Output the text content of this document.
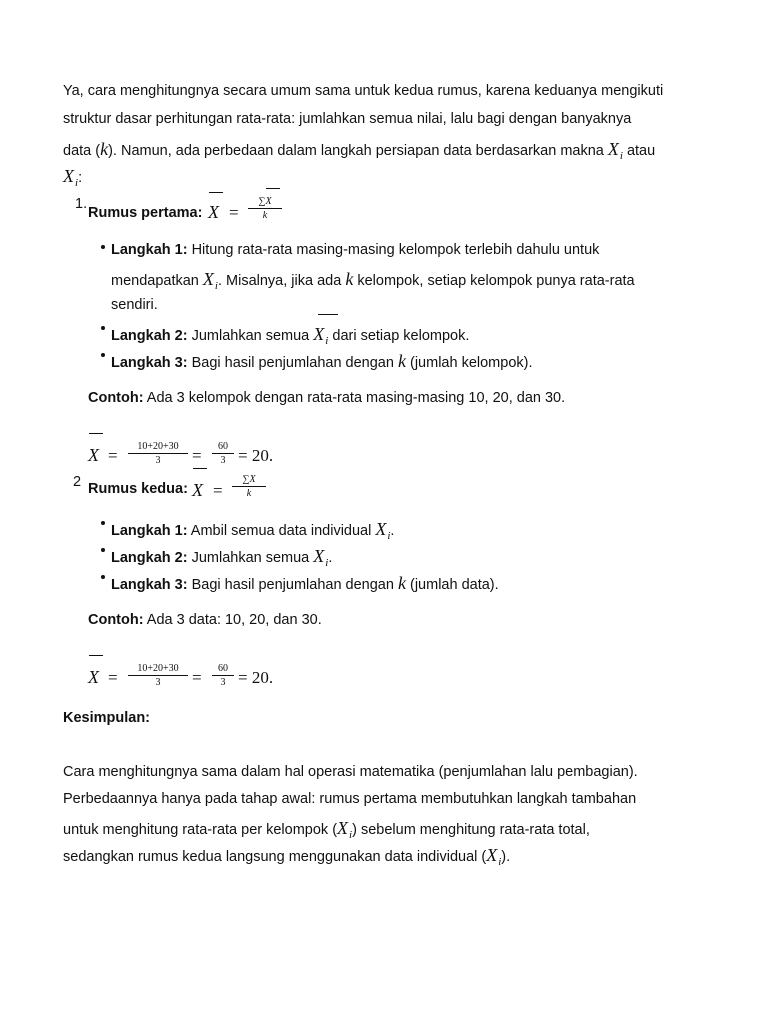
Ya, cara menghitungnya secara umum sama untuk kedua rumus, karena keduanya mengikuti
struktur dasar perhitungan rata-rata: jumlahkan semua nilai, lalu bagi dengan banyaknya
data (k). Namun, ada perbedaan dalam langkah persiapan data berdasarkan makna $X_i$ atau
$X_i$:
1.
Rumus pertama: X =
∑X
k
Langkah 1: Hitung rata-rata masing-masing kelompok terlebih dahulu untuk
mendapatkan $X_i$. Misalnya, jika ada k kelompok, setiap kelompok punya rata-rata
sendiri.
Langkah 2: Jumlahkan semua $X_i$ dari setiap kelompok.
Langkah 3: Bagi hasil penjumlahan dengan k (jumlah kelompok).
Contoh: Ada 3 kelompok dengan rata-rata masing-masing 10, 20, dan 30.
X =	10+20+30
3	=	60
3 = 20.
2 Rumus kedua: X =
∑X
k
Langkah 1: Ambil semua data individual $X_i$.
Langkah 2: Jumlahkan semua $X_i$.
Langkah 3: Bagi hasil penjumlahan dengan k (jumlah data).
Contoh: Ada 3 data: 10, 20, dan 30.
X =	10+20+30
3	=	60
3 = 20.
Kesimpulan:
Cara menghitungnya sama dalam hal operasi matematika (penjumlahan lalu pembagian).
Perbedaannya hanya pada tahap awal: rumus pertama membutuhkan langkah tambahan
untuk menghitung rata-rata per kelompok $(X_i)$ sebelum menghitung rata-rata total,
sedangkan rumus kedua langsung menggunakan data individual $(X_i)$.
